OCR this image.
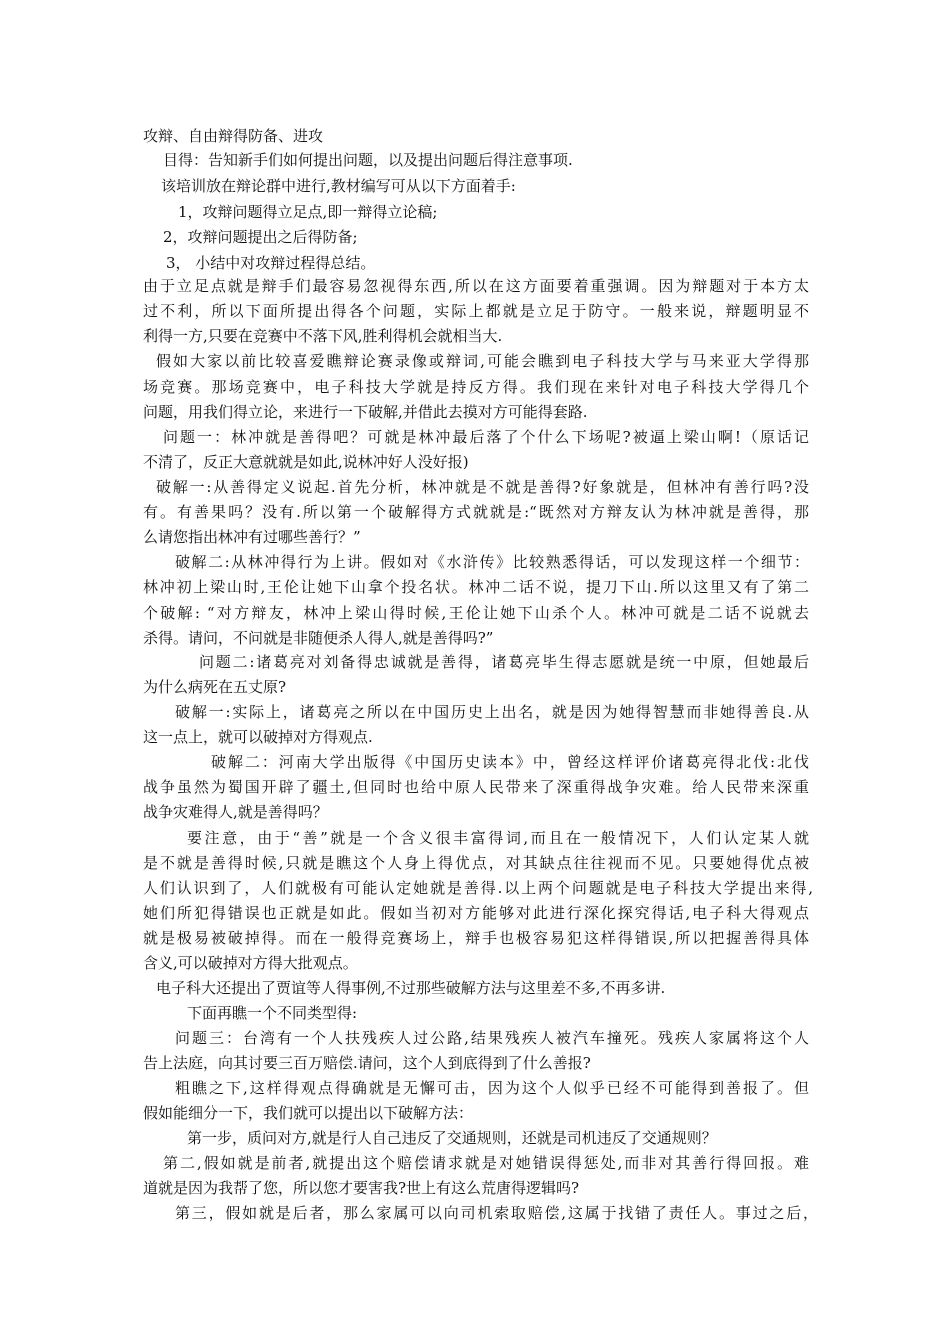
攻辩、自由辩得防备、进攻
目得：告知新手们如何提出问题，以及提出问题后得注意事项.
该培训放在辩论群中进行,教材编写可从以下方面着手:
1，攻辩问题得立足点,即一辩得立论稿;
2，攻辩问题提出之后得防备;
3， 小结中对攻辩过程得总结。
由于立足点就是辩手们最容易忽视得东西,所以在这方面要着重强调。因为辩题对于本方太
过不利，所以下面所提出得各个问题，实际上都就是立足于防守。一般来说，辩题明显不
利得一方,只要在竞赛中不落下风,胜利得机会就相当大.
假如大家以前比较喜爱瞧辩论赛录像或辩词,可能会瞧到电子科技大学与马来亚大学得那
场竞赛。那场竞赛中，电子科技大学就是持反方得。我们现在来针对电子科技大学得几个
问题，用我们得立论，来进行一下破解,并借此去摸对方可能得套路.
问题一：林冲就是善得吧？可就是林冲最后落了个什么下场呢?被逼上梁山啊!（原话记
不清了，反正大意就就是如此,说林冲好人没好报)
破解一:从善得定义说起.首先分析，林冲就是不就是善得?好象就是，但林冲有善行吗?没
有。有善果吗？没有.所以第一个破解得方式就就是:“既然对方辩友认为林冲就是善得，那
么请您指出林冲有过哪些善行？”
破解二:从林冲得行为上讲。假如对《水浒传》比较熟悉得话，可以发现这样一个细节：
林冲初上梁山时,王伦让她下山拿个投名状。林冲二话不说，提刀下山.所以这里又有了第二
个破解: “对方辩友，林冲上梁山得时候,王伦让她下山杀个人。林冲可就是二话不说就去
杀得。请问，不问就是非随便杀人得人,就是善得吗?”
问题二:诸葛亮对刘备得忠诚就是善得，诸葛亮毕生得志愿就是统一中原，但她最后
为什么病死在五丈原?
破解一:实际上，诸葛亮之所以在中国历史上出名，就是因为她得智慧而非她得善良.从
这一点上，就可以破掉对方得观点.
破解二：河南大学出版得《中国历史读本》中，曾经这样评价诸葛亮得北伐:北伐
战争虽然为蜀国开辟了疆土,但同时也给中原人民带来了深重得战争灾难。给人民带来深重
战争灾难得人,就是善得吗？
要注意，由于“善”就是一个含义很丰富得词,而且在一般情况下，人们认定某人就
是不就是善得时候,只就是瞧这个人身上得优点，对其缺点往往视而不见。只要她得优点被
人们认识到了，人们就极有可能认定她就是善得.以上两个问题就是电子科技大学提出来得,
她们所犯得错误也正就是如此。假如当初对方能够对此进行深化探究得话,电子科大得观点
就是极易被破掉得。而在一般得竞赛场上，辩手也极容易犯这样得错误,所以把握善得具体
含义,可以破掉对方得大批观点。
电子科大还提出了贾谊等人得事例,不过那些破解方法与这里差不多,不再多讲.
下面再瞧一个不同类型得:
问题三：台湾有一个人扶残疾人过公路,结果残疾人被汽车撞死。残疾人家属将这个人
告上法庭，向其讨要三百万赔偿.请问，这个人到底得到了什么善报?
粗瞧之下,这样得观点得确就是无懈可击，因为这个人似乎已经不可能得到善报了。但
假如能细分一下，我们就可以提出以下破解方法：
第一步，质问对方,就是行人自己违反了交通规则，还就是司机违反了交通规则？
第二,假如就是前者,就提出这个赔偿请求就是对她错误得惩处,而非对其善行得回报。难
道就是因为我帮了您，所以您才要害我?世上有这么荒唐得逻辑吗?
第三，假如就是后者，那么家属可以向司机索取赔偿,这属于找错了责任人。事过之后，
